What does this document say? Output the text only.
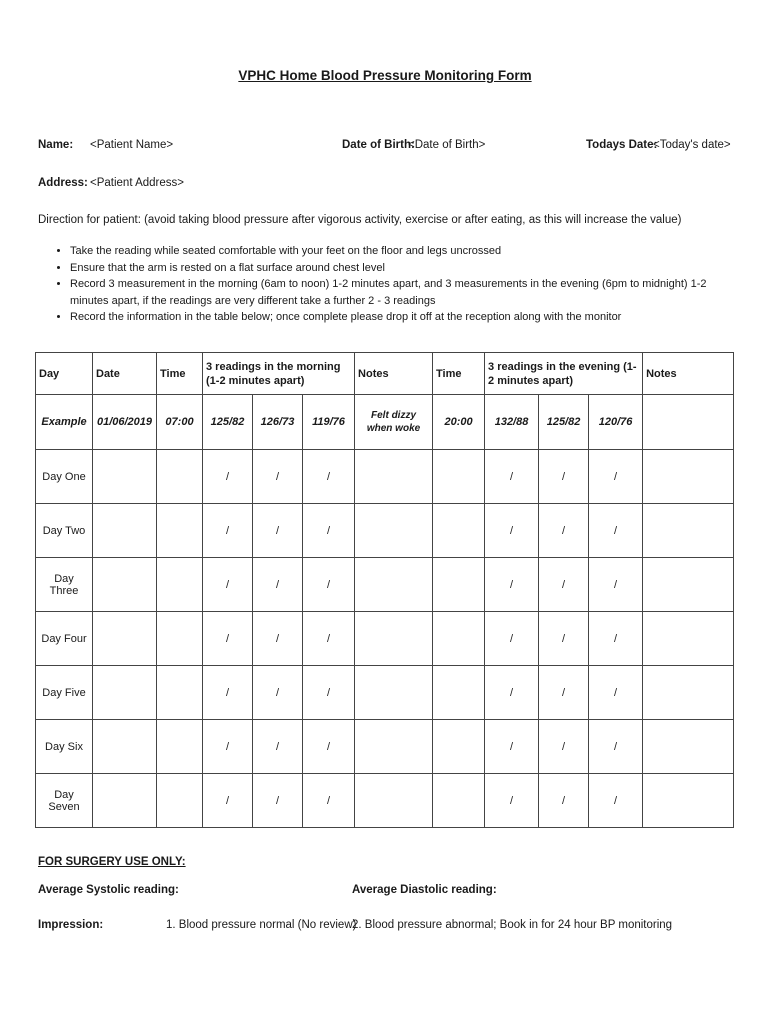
VPHC Home Blood Pressure Monitoring Form
Name: <Patient Name>	Date of Birth:
<Date of Birth>	Todays Date:
<Today's date>
Address: <Patient Address>
Direction for patient: (avoid taking blood pressure after vigorous activity, exercise or after eating, as this will increase the value)
• Take the reading while seated comfortable with your feet on the floor and legs uncrossed
• Ensure that the arm is rested on a flat surface around chest level
• Record 3 measurement in the morning (6am to noon) 1-2 minutes apart, and 3 measurements in the evening (6pm to midnight) 1-2 minutes apart, if the readings are very different take a further 2 - 3 readings
• Record the information in the table below; once complete please drop it off at the reception along with the monitor
Day	Date	Time	3 readings in the morning (1-2 minutes apart)			Notes	Time	3 readings in the evening (1-2 minutes apart)			Notes
Example	01/06/2019	07:00	125/82	126/73	119/76	Felt dizzy when woke	20:00	132/88	125/82	120/76	
Day One			/	/	/			/	/	/	
Day Two			/	/	/			/	/	/	
Day Three			/	/	/			/	/	/	
Day Four			/	/	/			/	/	/	
Day Five			/	/	/			/	/	/	
Day Six			/	/	/			/	/	/	
Day Seven			/	/	/			/	/	/	
FOR SURGERY USE ONLY:
Average Systolic reading:	Average Diastolic reading:
Impression:	1. Blood pressure normal (No review)
2. Blood pressure abnormal; Book in for 24 hour BP monitoring
